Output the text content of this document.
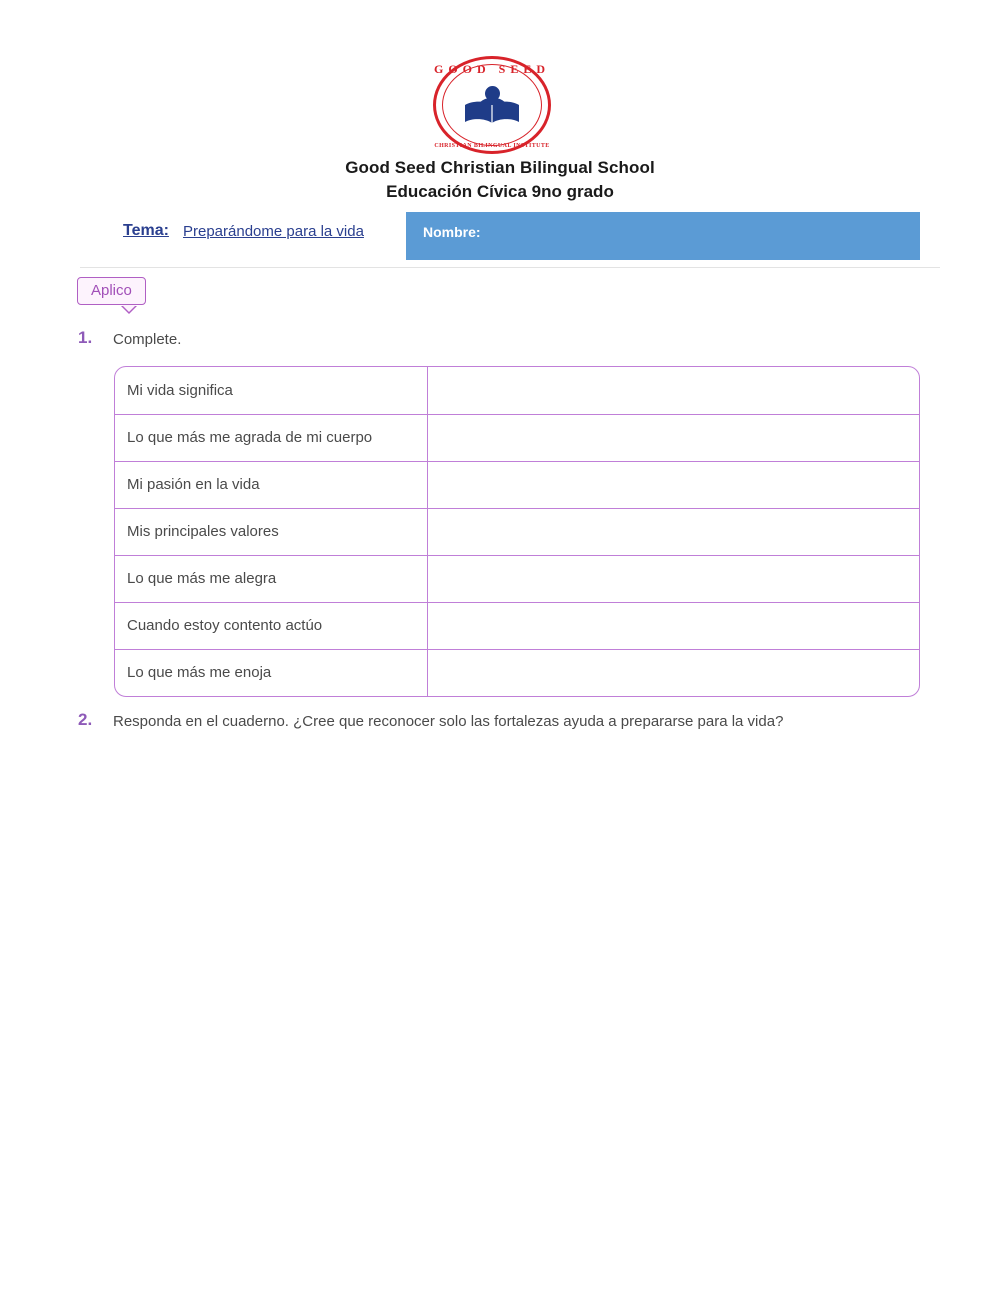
GOOD SEED
CHRISTIAN BILINGUAL INSTITUTE
Good Seed Christian Bilingual School
Educación Cívica 9no grado
Tema: Preparándome para la vida	Nombre:
Aplico
1. Complete.
Mi vida significa	
Lo que más me agrada de mi cuerpo	
Mi pasión en la vida	
Mis principales valores	
Lo que más me alegra	
Cuando estoy contento actúo	
Lo que más me enoja	
2. Responda en el cuaderno. ¿Cree que reconocer solo las fortalezas ayuda a prepararse para la vida?
